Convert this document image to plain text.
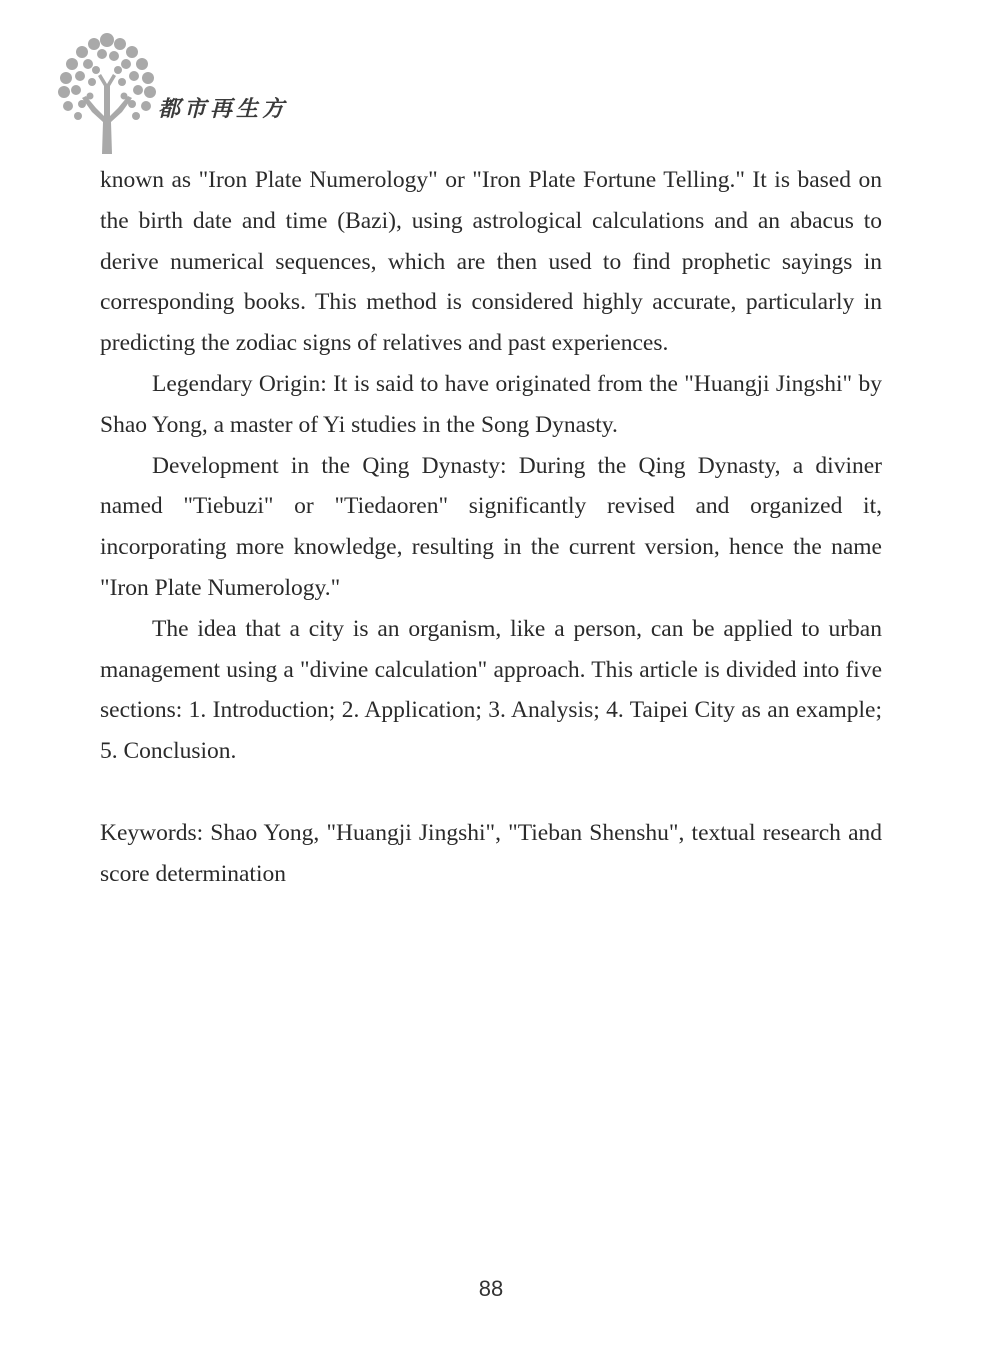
都市再生方

known as "Iron Plate Numerology" or "Iron Plate Fortune Telling." It is based on the birth date and time (Bazi), using astrological calculations and an abacus to derive numerical sequences, which are then used to find prophetic sayings in corresponding books. This method is considered highly accurate, particularly in predicting the zodiac signs of relatives and past experiences.

Legendary Origin: It is said to have originated from the "Huangji Jingshi" by Shao Yong, a master of Yi studies in the Song Dynasty.

Development in the Qing Dynasty: During the Qing Dynasty, a diviner named "Tiebuzi" or "Tiedaoren" significantly revised and organized it, incorporating more knowledge, resulting in the current version, hence the name "Iron Plate Numerology."

The idea that a city is an organism, like a person, can be applied to urban management using a "divine calculation" approach. This article is divided into five sections: 1. Introduction; 2. Application; 3. Analysis; 4. Taipei City as an example; 5. Conclusion.

Keywords: Shao Yong, "Huangji Jingshi", "Tieban Shenshu", textual research and score determination

88
